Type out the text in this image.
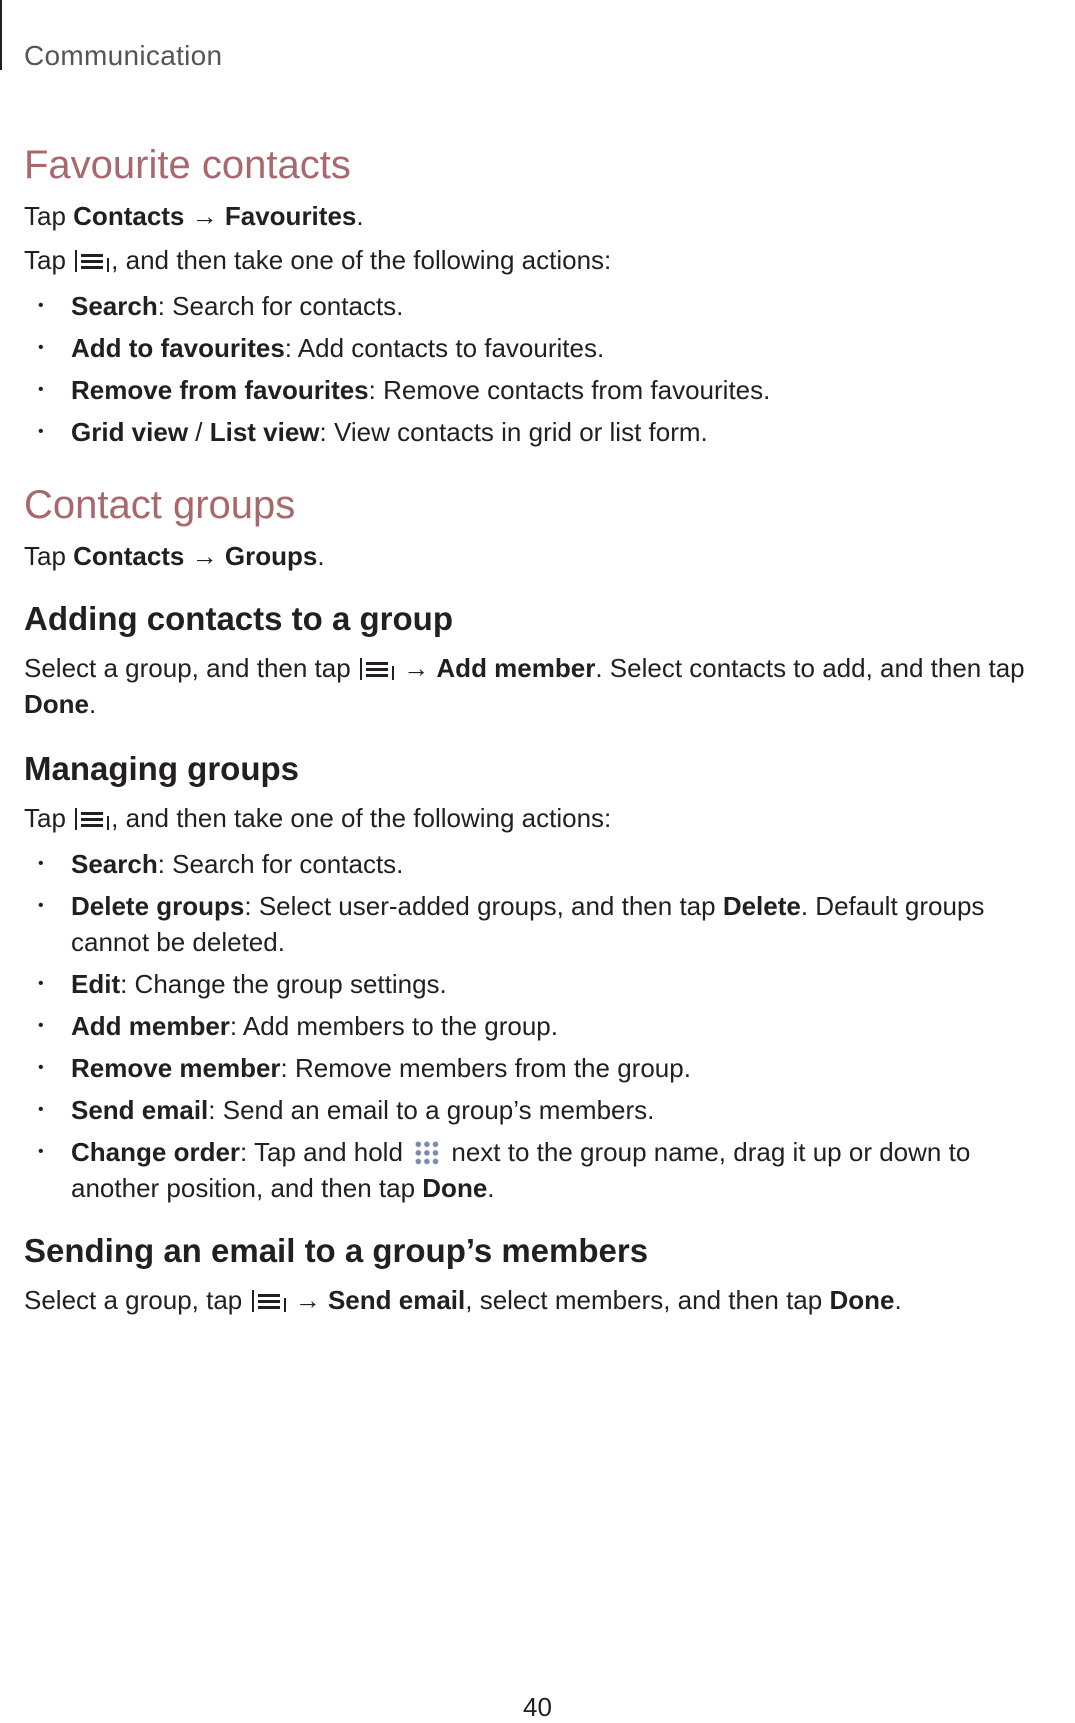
Communication
Favourite contacts

Tap Contacts → Favourites.

Tap , and then take one of the following actions:

• Search: Search for contacts.
• Add to favourites: Add contacts to favourites.
• Remove from favourites: Remove contacts from favourites.
• Grid view / List view: View contacts in grid or list form.
Contact groups

Tap Contacts → Groups.

Adding contacts to a group

Select a group, and then tap → Add member. Select contacts to add, and then tap Done.

Managing groups

Tap , and then take one of the following actions:

• Search: Search for contacts.
• Delete groups: Select user-added groups, and then tap Delete. Default groups cannot be deleted.
• Edit: Change the group settings.
• Add member: Add members to the group.
• Remove member: Remove members from the group.
• Send email: Send an email to a group’s members.
• Change order: Tap and hold next to the group name, drag it up or down to another position, and then tap Done.
Sending an email to a group’s members

Select a group, tap → Send email, select members, and then tap Done.

40
